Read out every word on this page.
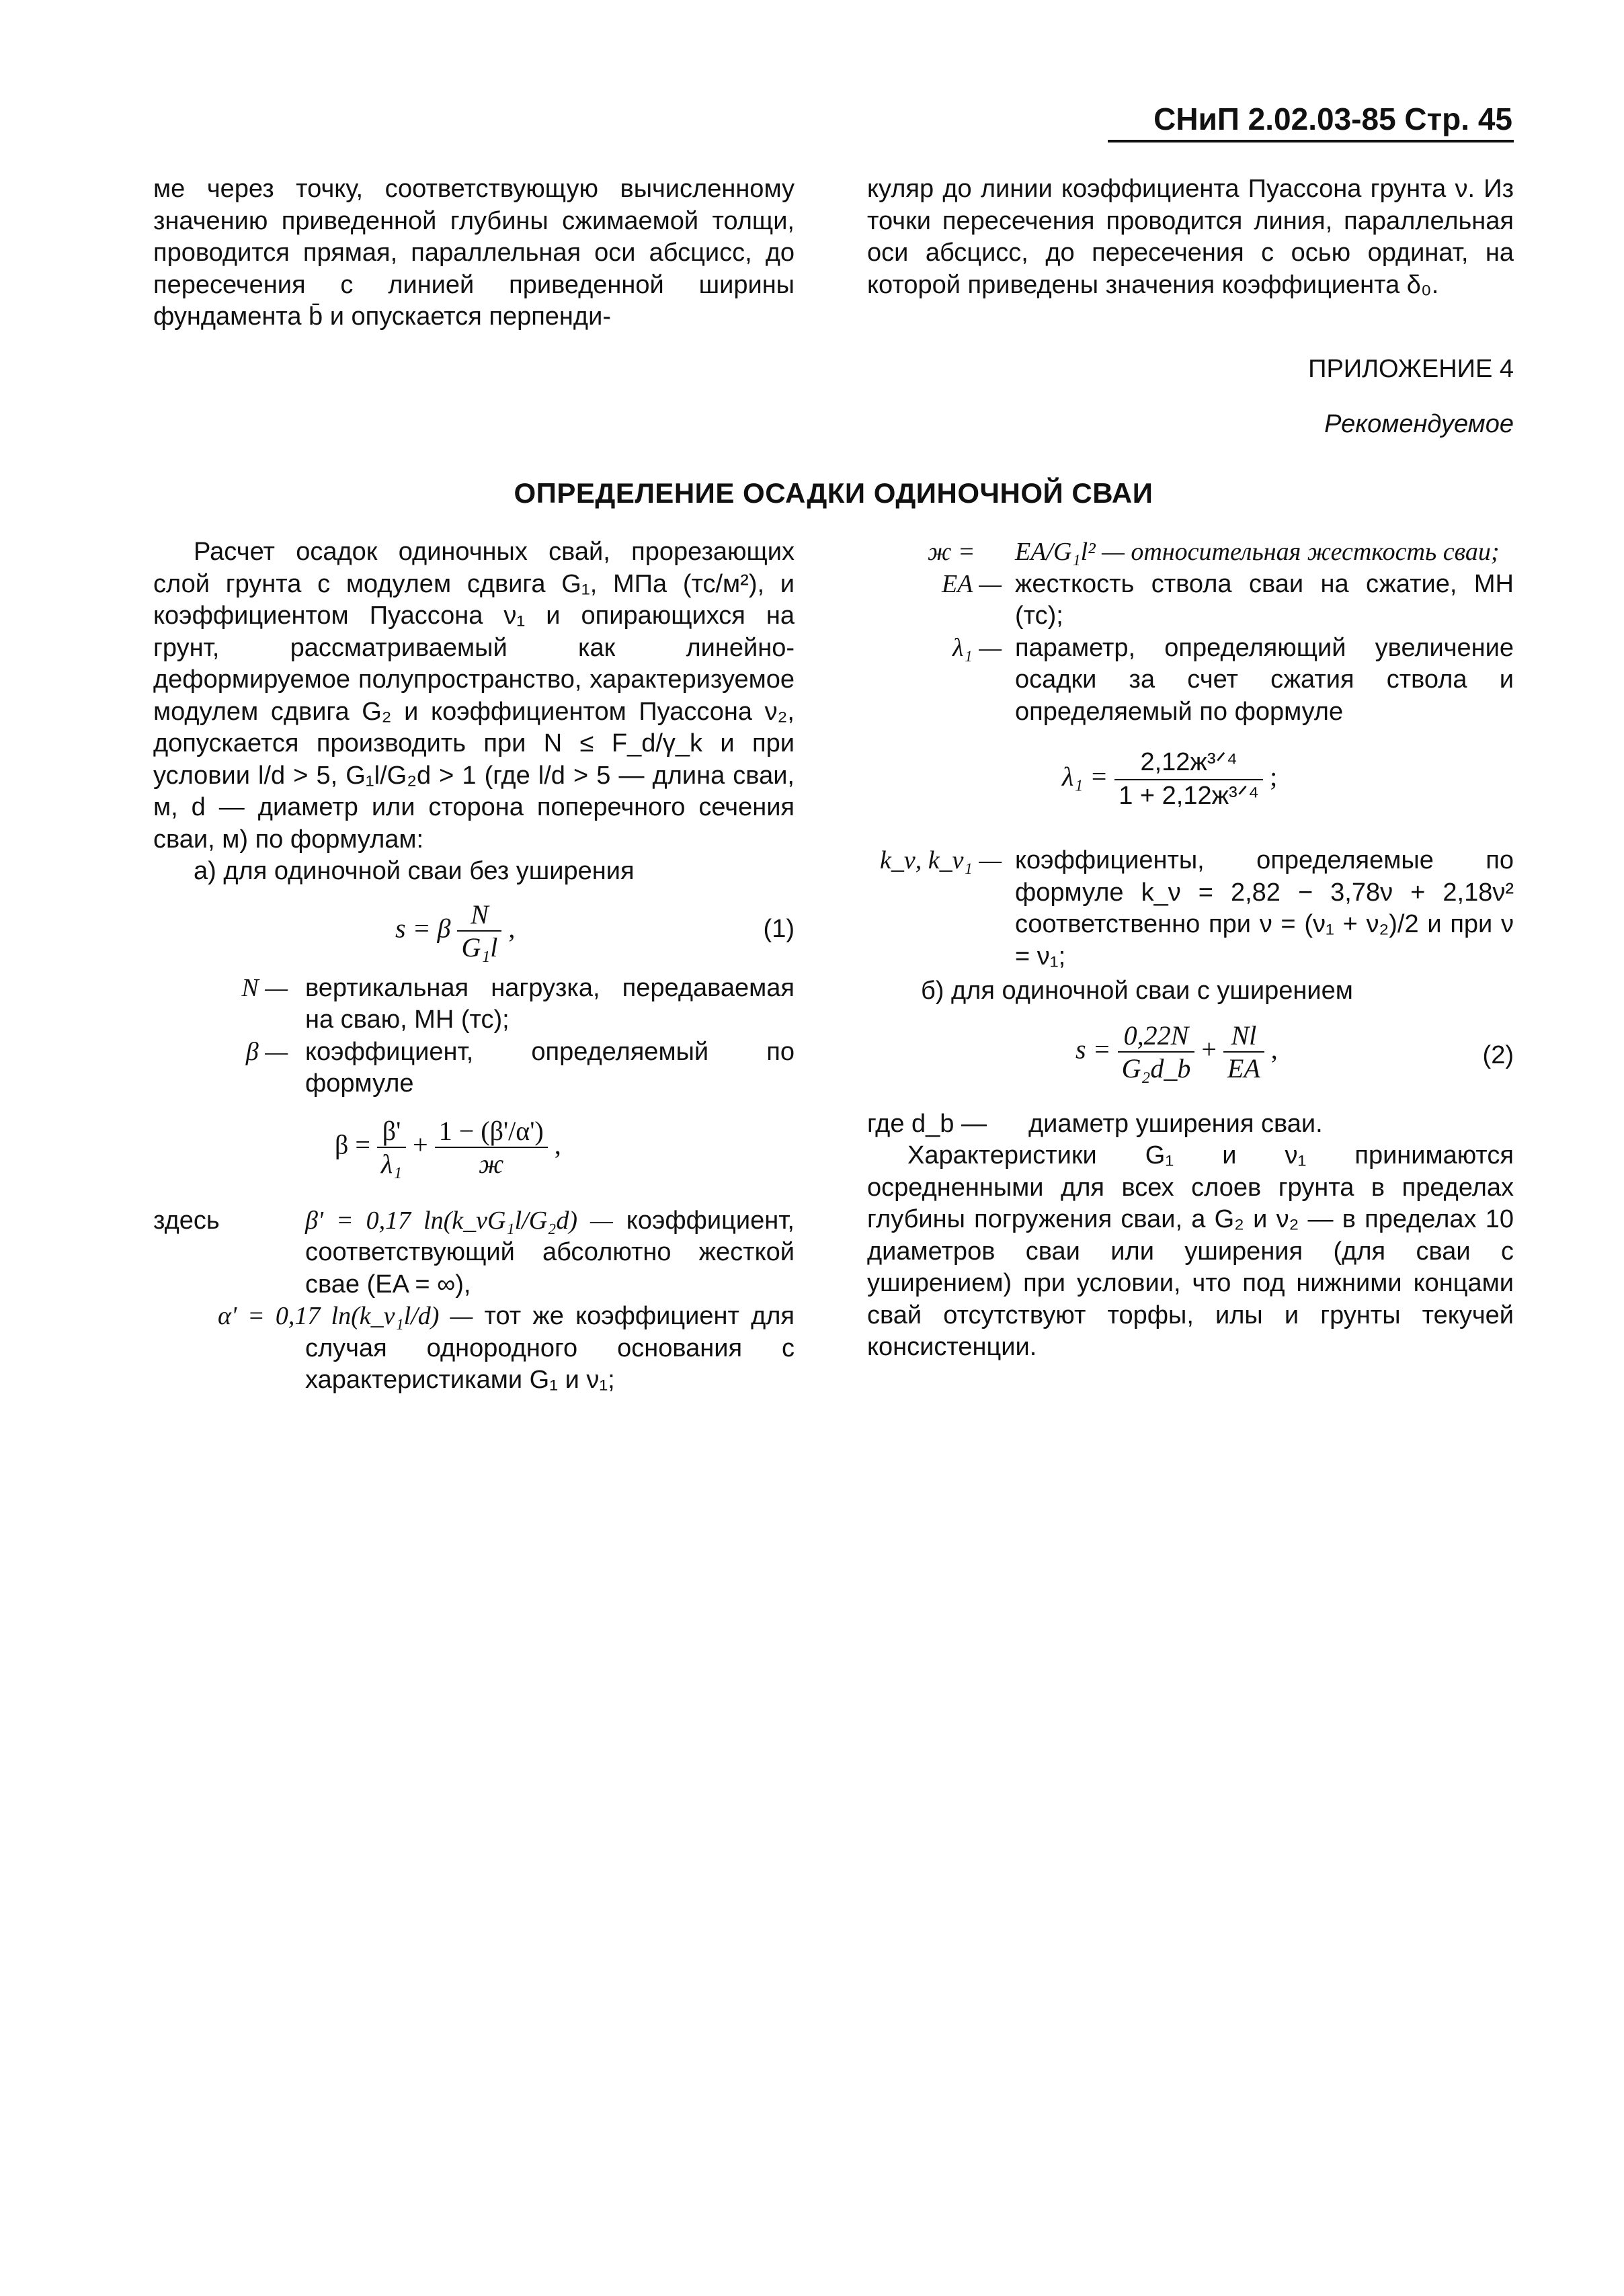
СНиП 2.02.03-85 Стр. 45

ме через точку, соответствующую вычисленному значению приведенной глубины сжимаемой толщи, проводится прямая, параллельная оси абсцисс, до пересечения с линией приведенной ширины фундамента b̄ и опускается перпенди-

куляр до линии коэффициента Пуассона грунта ν. Из точки пересечения проводится линия, параллельная оси абсцисс, до пересечения с осью ординат, на которой приведены значения коэффициента δ₀.

ПРИЛОЖЕНИЕ 4
Рекомендуемое
ОПРЕДЕЛЕНИЕ ОСАДКИ ОДИНОЧНОЙ СВАИ

Расчет осадок одиночных свай, прорезающих слой грунта с модулем сдвига G₁, МПа (тс/м²), и коэффициентом Пуассона ν₁ и опирающихся на грунт, рассматриваемый как линейно-деформируемое полупространство, характеризуемое модулем сдвига G₂ и коэффициентом Пуассона ν₂, допускается производить при N ≤ F_d/γ_k и при условии l/d > 5, G₁l/G₂d > 1 (где l/d > 5 — длина сваи, м, d — диаметр или сторона поперечного сечения сваи, м) по формулам:

а) для одиночной сваи без уширения

s = β $\frac{N}{\text{G₁l}}$ ,	(1)
N — вертикальная нагрузка, передаваемая на сваю, МН (тс);
β — коэффициент, определяемый по формуле
$\beta = \frac{\beta'}{\text{λ₁}} + \frac{1 - (\beta'/\alpha')}{ж}$ ,
здесь	β' = 0,17 ln(k_νG₁l/G₂d) — коэффициент, соответствующий абсолютно жесткой свае (EA = ∞),
α' = 0,17 ln(k_ν₁l/d) — тот же коэффициент для случая однородного основания с характеристиками G₁ и ν₁;
ж =	EA/G₁l² — относительная жесткость сваи;
EA — жесткость ствола сваи на сжатие, МН (тс);
λ₁ — параметр, определяющий увеличение осадки за счет сжатия ствола и определяемый по формуле
$\lambda_1 = \frac{\text{2,12ж³ᐟ⁴}}{\text{1 + 2,12ж³ᐟ⁴}}$ ;
k_ν, k_ν₁ — коэффициенты, определяемые по формуле k_ν = 2,82 − 3,78ν + 2,18ν² соответственно при ν = (ν₁ + ν₂)/2 и при ν = ν₁;

б) для одиночной сваи с уширением

$s = \frac{0,22N}{\text{G₂d\_b}} + \frac{Nl}{EA}$ ,	(2)
где d_b —	диаметр уширения сваи.

Характеристики G₁ и ν₁ принимаются осредненными для всех слоев грунта в пределах глубины погружения сваи, а G₂ и ν₂ — в пределах 10 диаметров сваи или уширения (для сваи с уширением) при условии, что под нижними концами свай отсутствуют торфы, илы и грунты текучей консистенции.
